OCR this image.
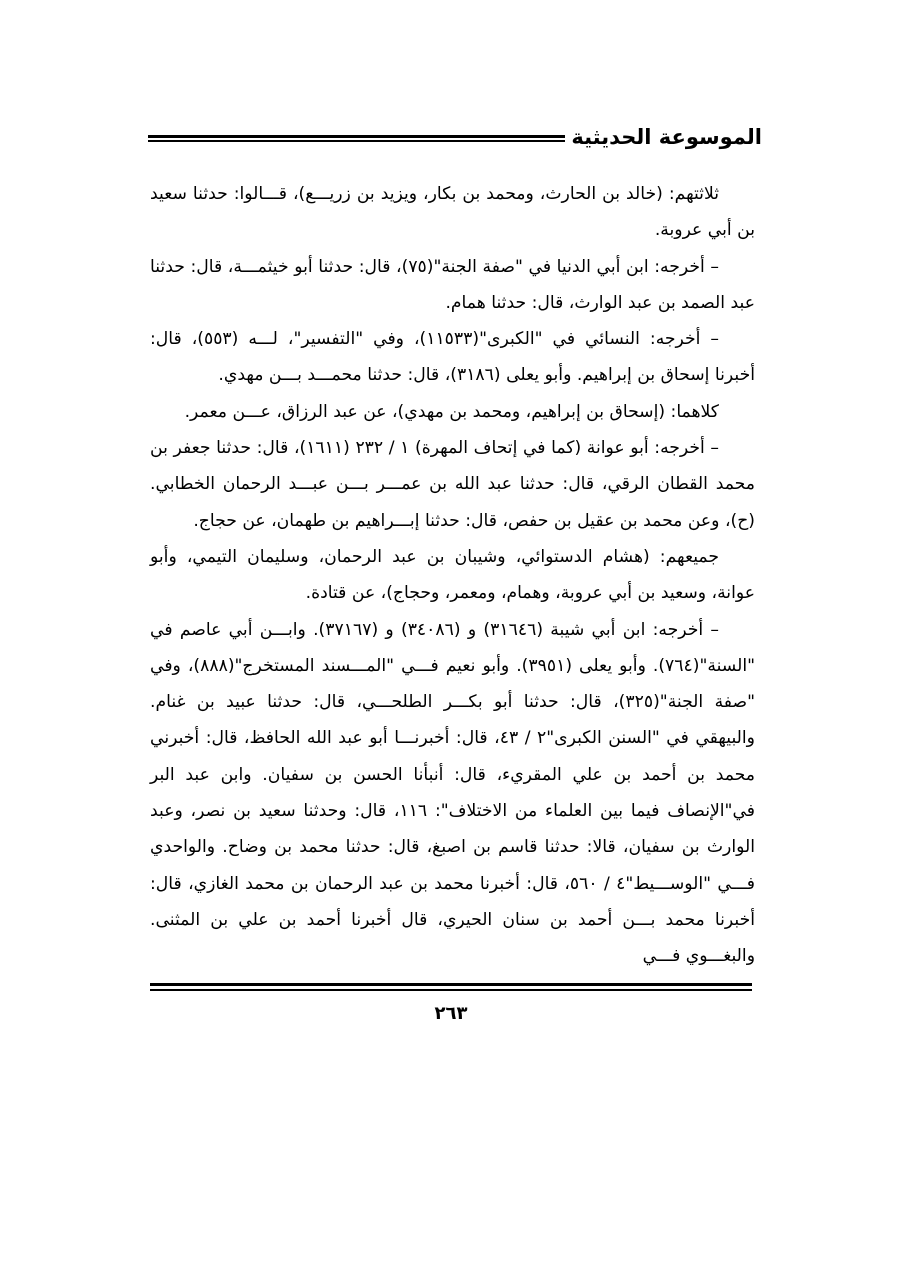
الموسوعة الحديثية

ثلاثتهم: (خالد بن الحارث، ومحمد بن بكار، ويزيد بن زريـــع)، قـــالوا: حدثنا سعيد بن أبي عروبة.

– أخرجه: ابن أبي الدنيا في "صفة الجنة"(٧٥)، قال: حدثنا أبو خيثمـــة، قال: حدثنا عبد الصمد بن عبد الوارث، قال: حدثنا همام.

– أخرجه: النسائي في "الكبرى"(١١٥٣٣)، وفي "التفسير"، لـــه (٥٥٣)، قال: أخبرنا إسحاق بن إبراهيم. وأبو يعلى (٣١٨٦)، قال: حدثنا محمـــد بـــن مهدي.

كلاهما: (إسحاق بن إبراهيم، ومحمد بن مهدي)، عن عبد الرزاق، عـــن معمر.

– أخرجه: أبو عوانة (كما في إتحاف المهرة) ١ / ٢٣٢ (١٦١١)، قال: حدثنا جعفر بن محمد القطان الرقي، قال: حدثنا عبد الله بن عمـــر بـــن عبـــد الرحمان الخطابي. (ح)، وعن محمد بن عقيل بن حفص، قال: حدثنا إبـــراهيم بن طهمان، عن حجاج.

جميعهم: (هشام الدستوائي، وشيبان بن عبد الرحمان، وسليمان التيمي، وأبو عوانة، وسعيد بن أبي عروبة، وهمام، ومعمر، وحجاج)، عن قتادة.

– أخرجه: ابن أبي شيبة (٣١٦٤٦) و (٣٤٠٨٦) و (٣٧١٦٧). وابـــن أبي عاصم في "السنة"(٧٦٤). وأبو يعلى (٣٩٥١). وأبو نعيم فـــي "المـــسند المستخرج"(٨٨٨)، وفي "صفة الجنة"(٣٢٥)، قال: حدثنا أبو بكـــر الطلحـــي، قال: حدثنا عبيد بن غنام. والبيهقي في "السنن الكبرى"٢ / ٤٣، قال: أخبرنـــا أبو عبد الله الحافظ، قال: أخبرني محمد بن أحمد بن علي المقريء، قال: أنبأنا الحسن بن سفيان. وابن عبد البر في"الإنصاف فيما بين العلماء من الاختلاف": ١١٦، قال: وحدثنا سعيد بن نصر، وعبد الوارث بن سفيان، قالا: حدثنا قاسم بن اصبغ، قال: حدثنا محمد بن وضاح. والواحدي فـــي "الوســـيط"٤ / ٥٦٠، قال: أخبرنا محمد بن عبد الرحمان بن محمد الغازي، قال: أخبرنا محمد بـــن أحمد بن سنان الحيري، قال أخبرنا أحمد بن علي بن المثنى. والبغـــوي فـــي

٢٦٣
